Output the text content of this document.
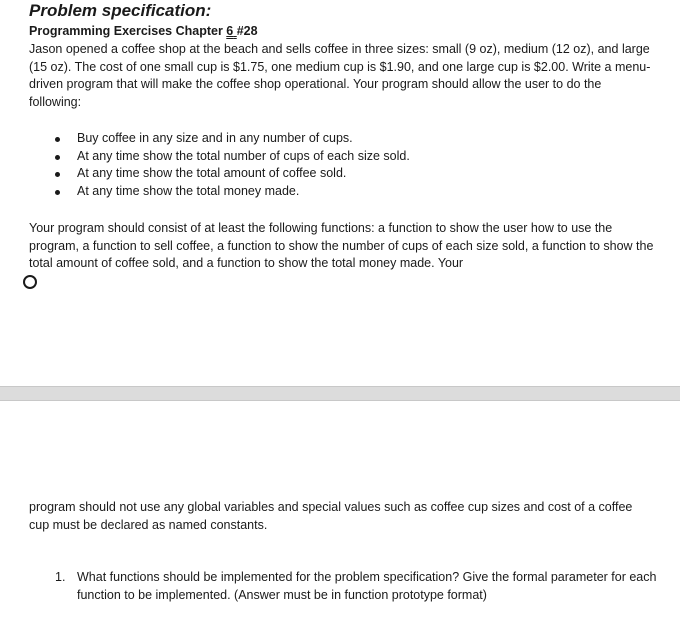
Problem specification:

Programming Exercises Chapter 6 #28

Jason opened a coffee shop at the beach and sells coffee in three sizes: small (9 oz), medium (12 oz), and large (15 oz). The cost of one small cup is $1.75, one medium cup is $1.90, and one large cup is $2.00. Write a menu-driven program that will make the coffee shop operational. Your program should allow the user to do the following:

Buy coffee in any size and in any number of cups.
At any time show the total number of cups of each size sold.
At any time show the total amount of coffee sold.
At any time show the total money made.

Your program should consist of at least the following functions: a function to show the user how to use the program, a function to sell coffee, a function to show the number of cups of each size sold, a function to show the total amount of coffee sold, and a function to show the total money made. Your

program should not use any global variables and special values such as coffee cup sizes and cost of a coffee cup must be declared as named constants.

1. What functions should be implemented for the problem specification? Give the formal parameter for each function to be implemented. (Answer must be in function prototype format)
